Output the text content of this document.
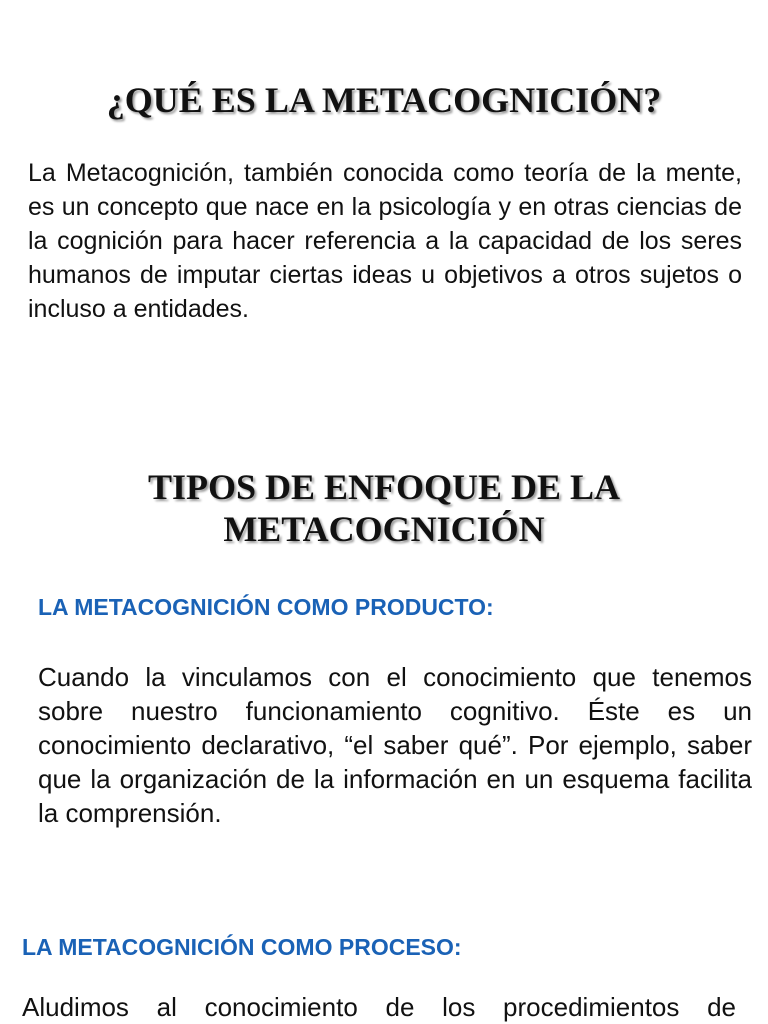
¿QUÉ ES LA METACOGNICIÓN?

La Metacognición, también conocida como teoría de la mente, es un concepto que nace en la psicología y en otras ciencias de la cognición para hacer referencia a la capacidad de los seres humanos de imputar ciertas ideas u objetivos a otros sujetos o incluso a entidades.

TIPOS DE ENFOQUE DE LA
METACOGNICIÓN
LA METACOGNICIÓN COMO PRODUCTO:

Cuando la vinculamos con el conocimiento que tenemos sobre nuestro funcionamiento cognitivo. Éste es un conocimiento declarativo, “el saber qué”. Por ejemplo, saber que la organización de la información en un esquema facilita la comprensión.

LA METACOGNICIÓN COMO PROCESO:

Aludimos al conocimiento de los procedimientos de
